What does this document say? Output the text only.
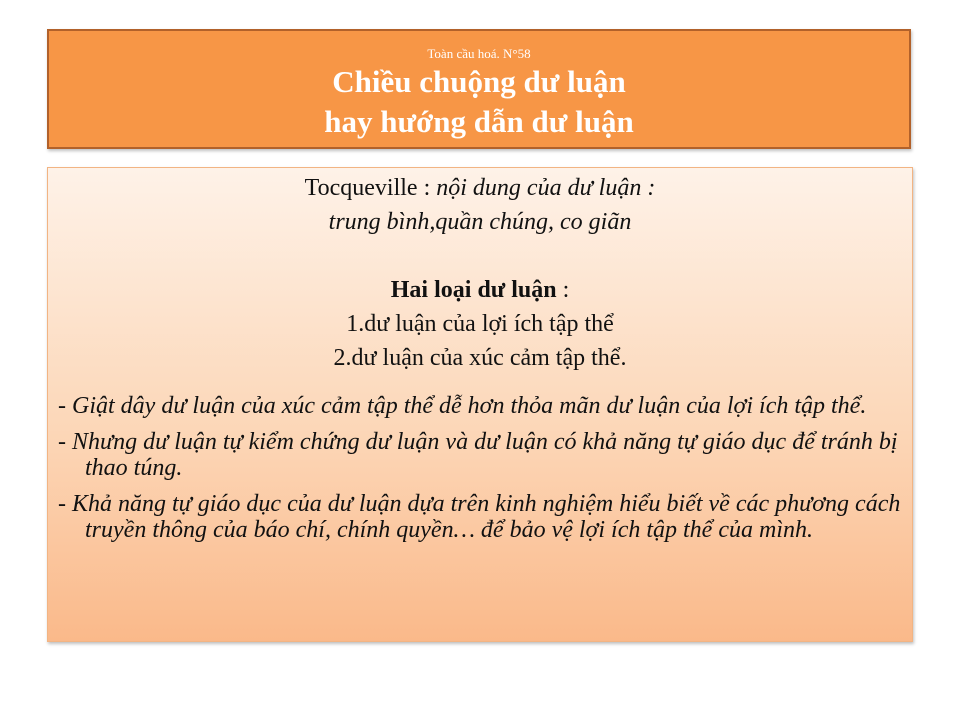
Toàn cầu hoá. N°58
Chiều chuộng dư luận
hay hướng dẫn dư luận
Tocqueville : nội dung của dư luận :
trung bình,quần chúng, co giãn
Hai loại dư luận :
1.dư luận của lợi ích tập thể
2.dư luận của xúc cảm tập thể.
- Giật dây dư luận của xúc cảm tập thể dễ hơn thỏa mãn dư luận của lợi ích tập thể.
- Nhưng dư luận tự kiểm chứng dư luận và dư luận có khả năng tự giáo dục để tránh bị thao túng.
- Khả năng tự giáo dục của dư luận dựa trên kinh nghiệm hiểu biết về các phương cách truyền thông của báo chí, chính quyền… để bảo vệ lợi ích tập thể của mình.
